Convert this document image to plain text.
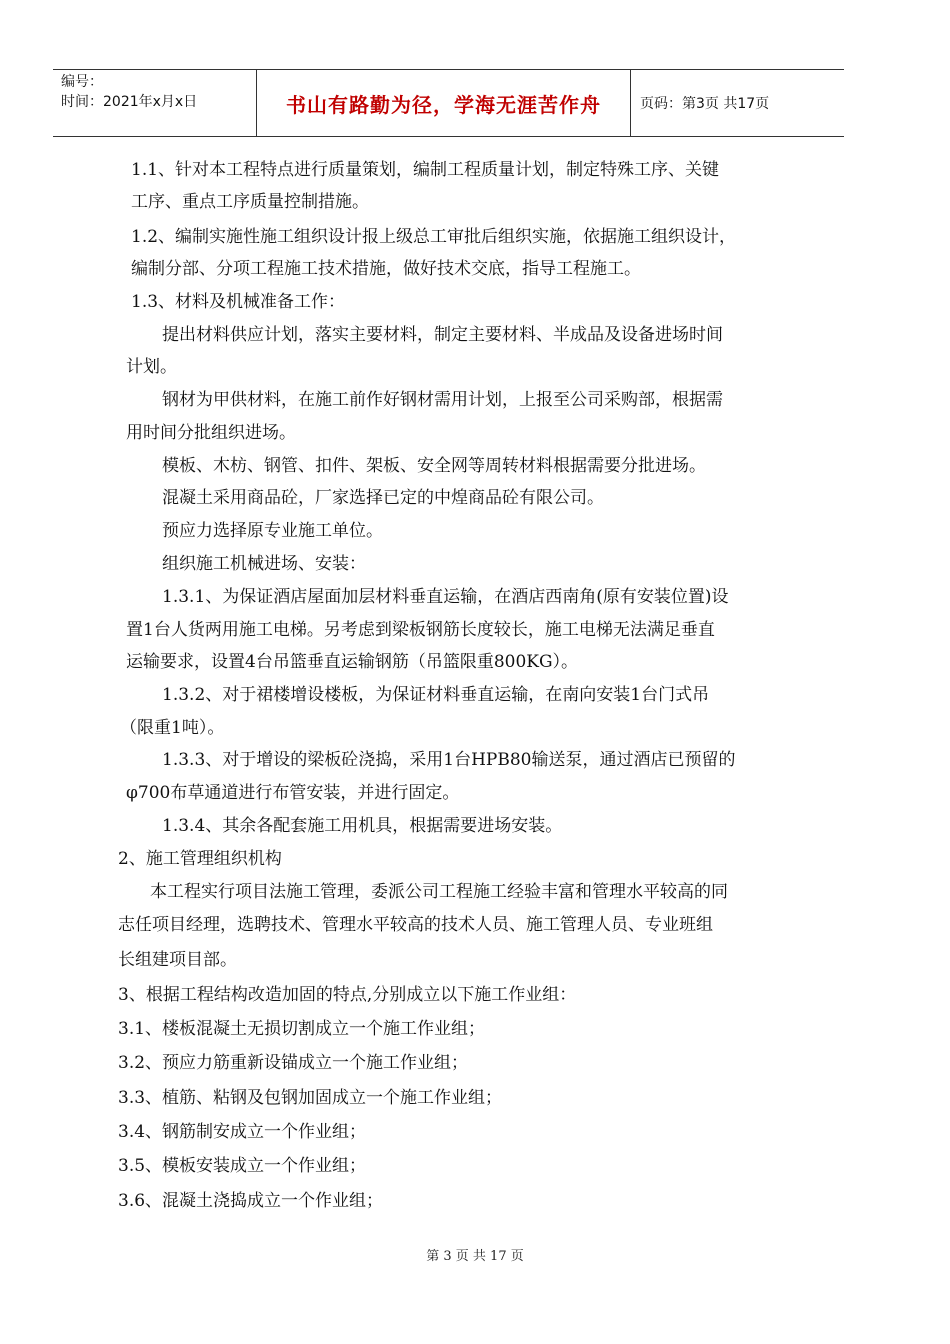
编号：
时间：2021年x月x日	书山有路勤为径，学海无涯苦作舟	页码：第3页 共17页
1.1、针对本工程特点进行质量策划，编制工程质量计划，制定特殊工序、关键
工序、重点工序质量控制措施。
1.2、编制实施性施工组织设计报上级总工审批后组织实施，依据施工组织设计，
编制分部、分项工程施工技术措施，做好技术交底，指导工程施工。
1.3、材料及机械准备工作：
提出材料供应计划，落实主要材料，制定主要材料、半成品及设备进场时间
计划。
钢材为甲供材料，在施工前作好钢材需用计划，上报至公司采购部，根据需
用时间分批组织进场。
模板、木枋、钢管、扣件、架板、安全网等周转材料根据需要分批进场。
混凝土采用商品砼，厂家选择已定的中煌商品砼有限公司。
预应力选择原专业施工单位。
组织施工机械进场、安装：
1.3.1、为保证酒店屋面加层材料垂直运输，在酒店西南角(原有安装位置)设
置1台人货两用施工电梯。另考虑到梁板钢筋长度较长，施工电梯无法满足垂直
运输要求，设置4台吊篮垂直运输钢筋（吊篮限重800KG）。
1.3.2、对于裙楼增设楼板，为保证材料垂直运输，在南向安装1台门式吊
（限重1吨）。
1.3.3、对于增设的梁板砼浇捣，采用1台HPB80输送泵，通过酒店已预留的
φ700布草通道进行布管安装，并进行固定。
1.3.4、其余各配套施工用机具，根据需要进场安装。
2、施工管理组织机构
本工程实行项目法施工管理，委派公司工程施工经验丰富和管理水平较高的同
志任项目经理，选聘技术、管理水平较高的技术人员、施工管理人员、专业班组
长组建项目部。
3、根据工程结构改造加固的特点,分别成立以下施工作业组：
3.1、楼板混凝土无损切割成立一个施工作业组；
3.2、预应力筋重新设锚成立一个施工作业组；
3.3、植筋、粘钢及包钢加固成立一个施工作业组；
3.4、钢筋制安成立一个作业组；
3.5、模板安装成立一个作业组；
3.6、混凝土浇捣成立一个作业组；
第 3 页 共 17 页
